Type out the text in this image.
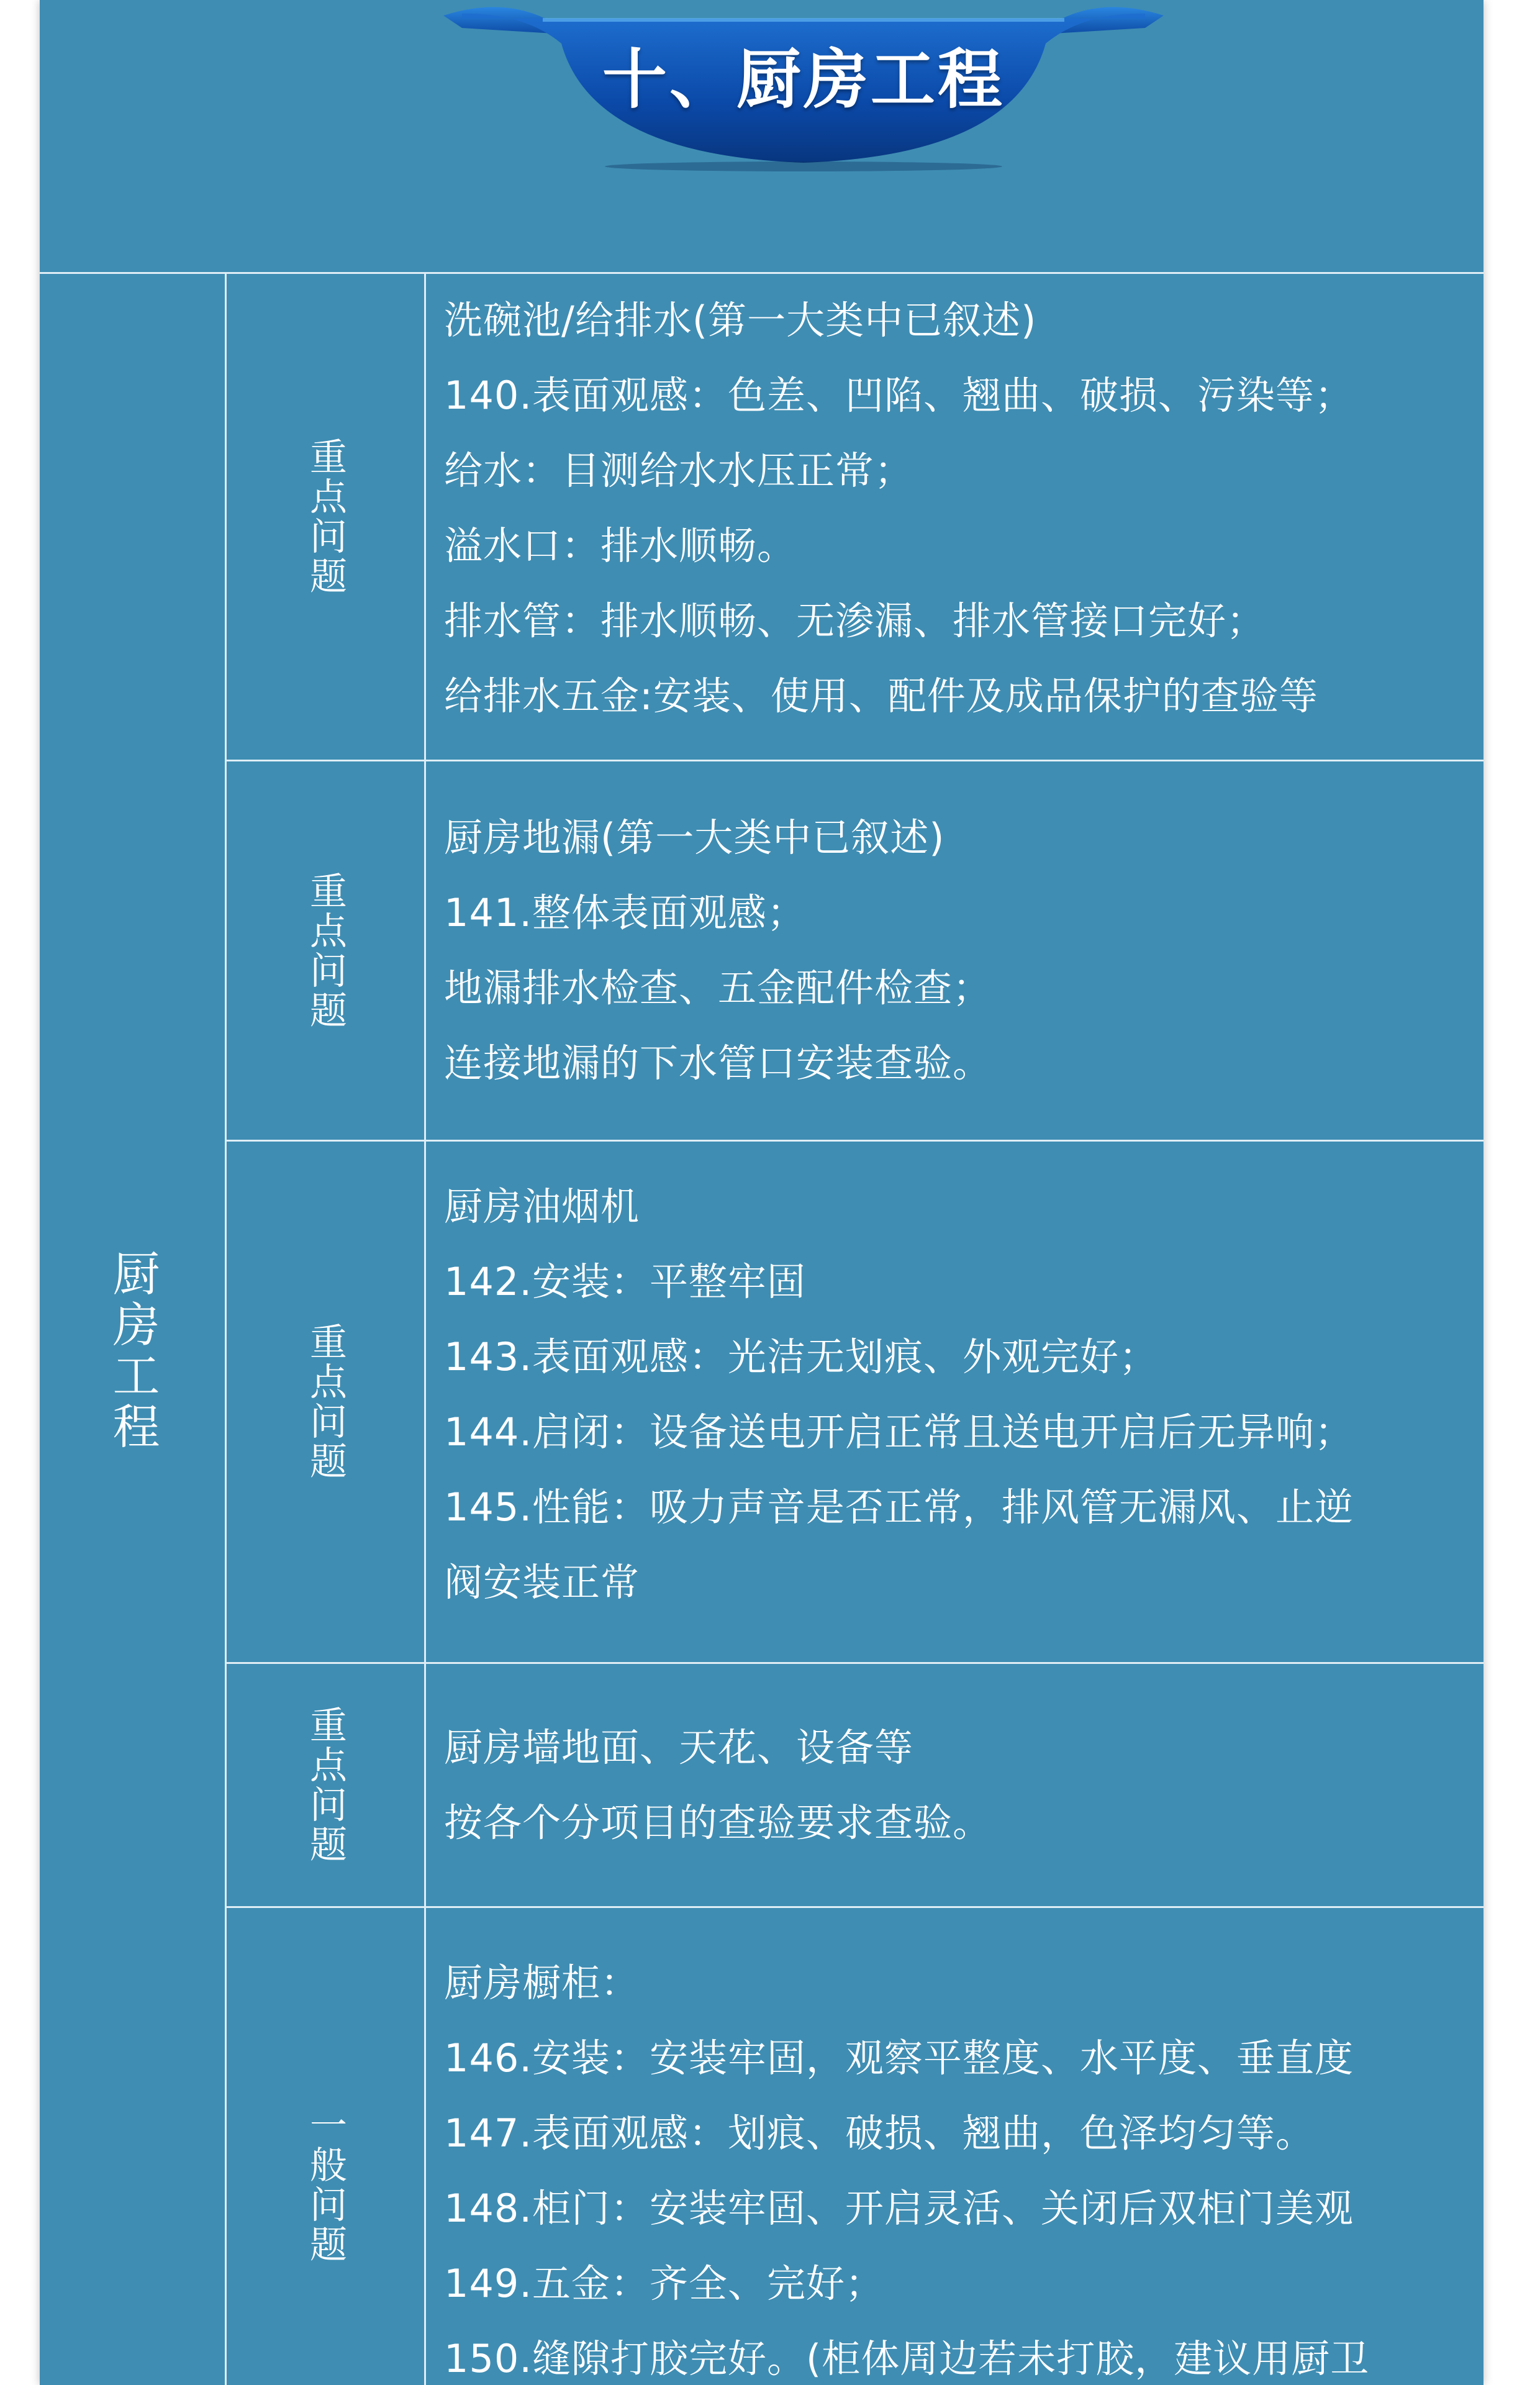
十、厨房工程
厨房工程
重点问题
洗碗池/给排水(第一大类中已叙述)
140.表面观感：色差、凹陷、翘曲、破损、污染等；
给水：目测给水水压正常；
溢水口：排水顺畅。
排水管：排水顺畅、无渗漏、排水管接口完好；
给排水五金:安装、使用、配件及成品保护的查验等
重点问题
厨房地漏(第一大类中已叙述)
141.整体表面观感；
地漏排水检查、五金配件检查；
连接地漏的下水管口安装查验。
重点问题
厨房油烟机
142.安装：平整牢固
143.表面观感：光洁无划痕、外观完好；
144.启闭：设备送电开启正常且送电开启后无异响；
145.性能：吸力声音是否正常，排风管无漏风、止逆
阀安装正常
重点问题	厨房墙地面、天花、设备等
按各个分项目的查验要求查验。
一般问题
厨房橱柜：
146.安装：安装牢固，观察平整度、水平度、垂直度
147.表面观感：划痕、破损、翘曲，色泽均匀等。
148.柜门：安装牢固、开启灵活、关闭后双柜门美观
149.五金：齐全、完好；
150.缝隙打胶完好。(柜体周边若未打胶，建议用厨卫
